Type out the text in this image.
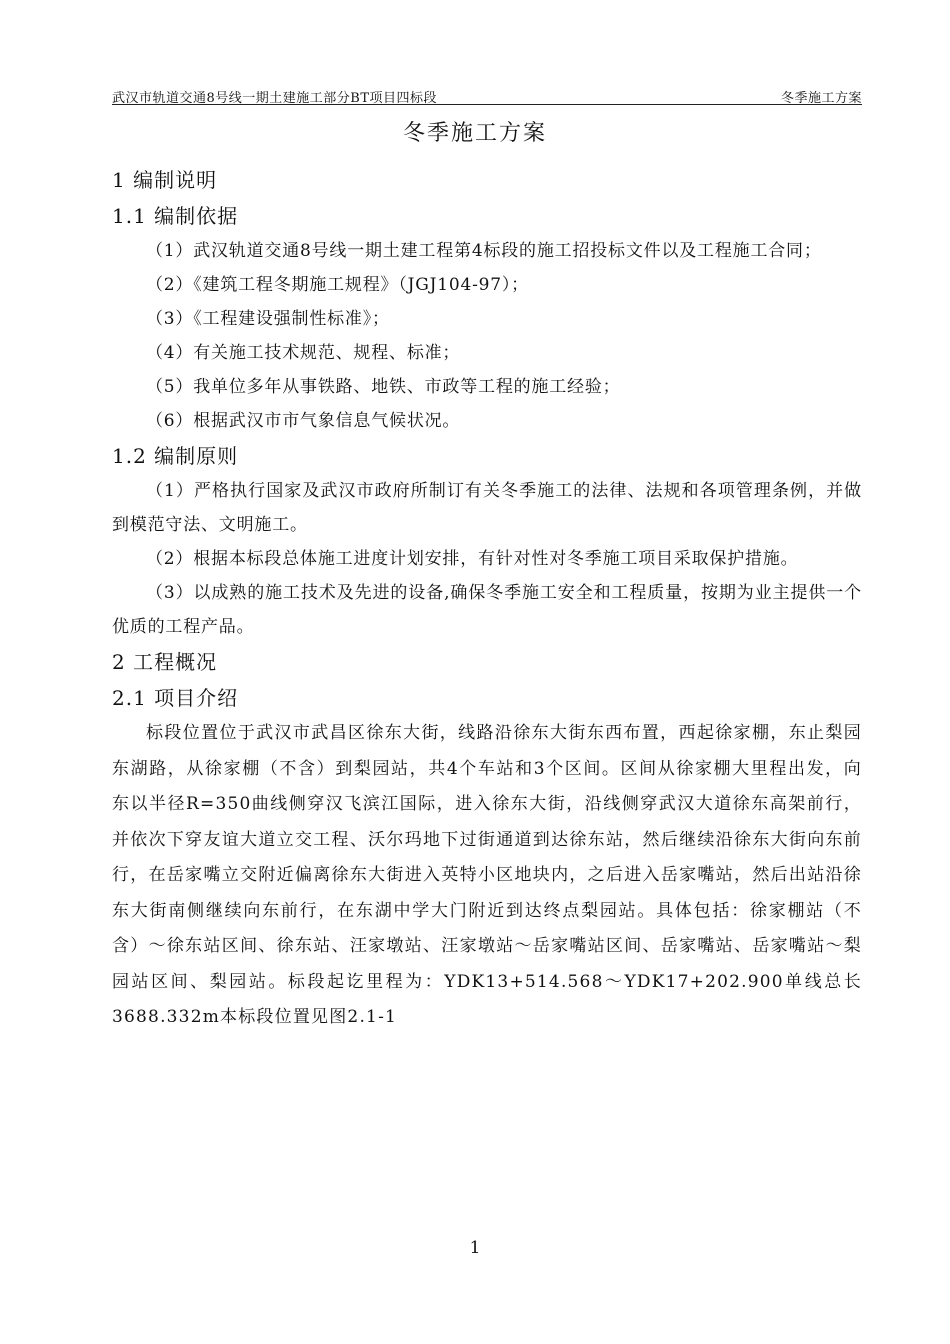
武汉市轨道交通8号线一期土建施工部分BT项目四标段	冬季施工方案
冬季施工方案

1 编制说明

1.1 编制依据

（1）武汉轨道交通8号线一期土建工程第4标段的施工招投标文件以及工程施工合同；

（2）《建筑工程冬期施工规程》（JGJ104-97）；

（3）《工程建设强制性标准》；

（4）有关施工技术规范、规程、标准；

（5）我单位多年从事铁路、地铁、市政等工程的施工经验；

（6）根据武汉市市气象信息气候状况。

1.2 编制原则

（1）严格执行国家及武汉市政府所制订有关冬季施工的法律、法规和各项管理条例，并做到模范守法、文明施工。

（2）根据本标段总体施工进度计划安排，有针对性对冬季施工项目采取保护措施。

（3）以成熟的施工技术及先进的设备,确保冬季施工安全和工程质量，按期为业主提供一个优质的工程产品。

2 工程概况

2.1 项目介绍

标段位置位于武汉市武昌区徐东大街，线路沿徐东大街东西布置，西起徐家棚，东止梨园东湖路，从徐家棚（不含）到梨园站，共4个车站和3个区间。区间从徐家棚大里程出发，向东以半径R=350曲线侧穿汉飞滨江国际，进入徐东大街，沿线侧穿武汉大道徐东高架前行，并依次下穿友谊大道立交工程、沃尔玛地下过街通道到达徐东站，然后继续沿徐东大街向东前行，在岳家嘴立交附近偏离徐东大街进入英特小区地块内，之后进入岳家嘴站，然后出站沿徐东大街南侧继续向东前行，在东湖中学大门附近到达终点梨园站。具体包括：徐家棚站（不含）～徐东站区间、徐东站、汪家墩站、汪家墩站～岳家嘴站区间、岳家嘴站、岳家嘴站～梨园站区间、梨园站。标段起讫里程为：YDK13+514.568～YDK17+202.900单线总长3688.332m本标段位置见图2.1-1

1
